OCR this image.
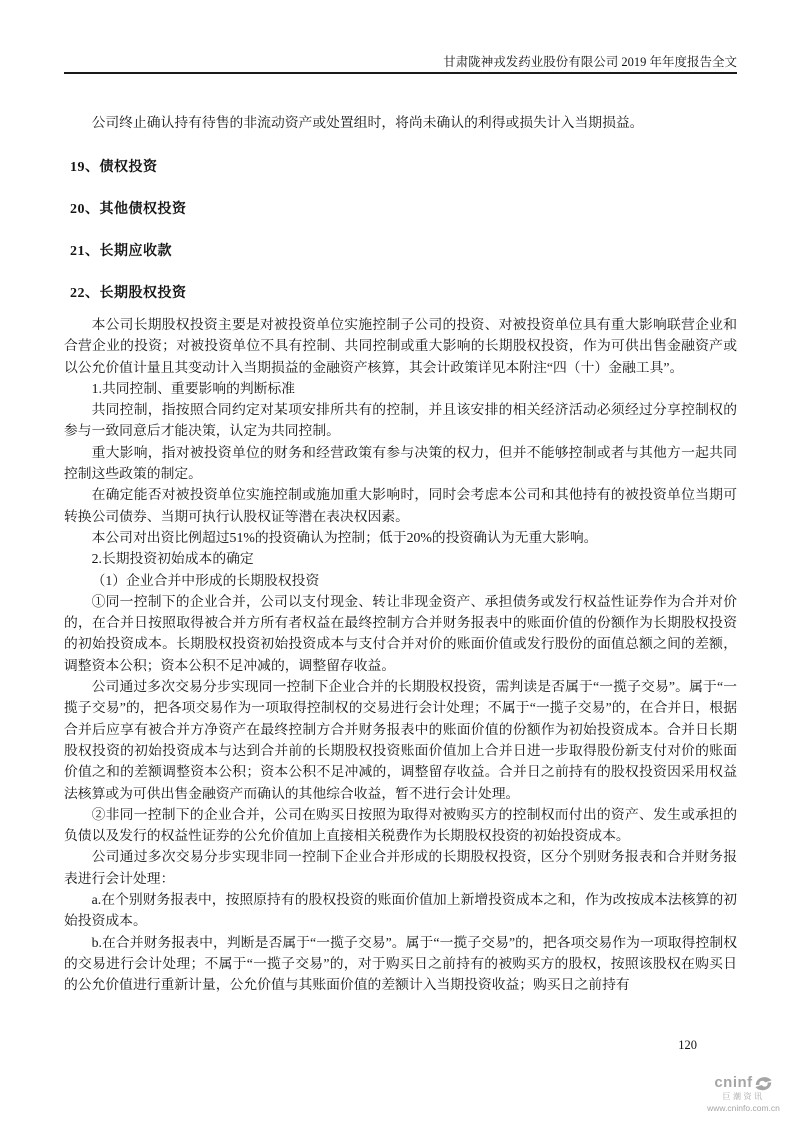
甘肃陇神戎发药业股份有限公司 2019 年年度报告全文

公司终止确认持有待售的非流动资产或处置组时，将尚未确认的利得或损失计入当期损益。

19、债权投资
20、其他债权投资
21、长期应收款
22、长期股权投资

本公司长期股权投资主要是对被投资单位实施控制子公司的投资、对被投资单位具有重大影响联营企业和合营企业的投资；对被投资单位不具有控制、共同控制或重大影响的长期股权投资，作为可供出售金融资产或以公允价值计量且其变动计入当期损益的金融资产核算，其会计政策详见本附注“四（十）金融工具”。

1.共同控制、重要影响的判断标准

共同控制，指按照合同约定对某项安排所共有的控制，并且该安排的相关经济活动必须经过分享控制权的参与一致同意后才能决策，认定为共同控制。

重大影响，指对被投资单位的财务和经营政策有参与决策的权力，但并不能够控制或者与其他方一起共同控制这些政策的制定。

在确定能否对被投资单位实施控制或施加重大影响时，同时会考虑本公司和其他持有的被投资单位当期可转换公司债券、当期可执行认股权证等潜在表决权因素。

本公司对出资比例超过51%的投资确认为控制；低于20%的投资确认为无重大影响。

2.长期投资初始成本的确定

（1）企业合并中形成的长期股权投资

①同一控制下的企业合并，公司以支付现金、转让非现金资产、承担债务或发行权益性证券作为合并对价的，在合并日按照取得被合并方所有者权益在最终控制方合并财务报表中的账面价值的份额作为长期股权投资的初始投资成本。长期股权投资初始投资成本与支付合并对价的账面价值或发行股份的面值总额之间的差额，调整资本公积；资本公积不足冲减的，调整留存收益。

公司通过多次交易分步实现同一控制下企业合并的长期股权投资，需判读是否属于“一揽子交易”。属于“一揽子交易”的，把各项交易作为一项取得控制权的交易进行会计处理；不属于“一揽子交易”的，在合并日，根据合并后应享有被合并方净资产在最终控制方合并财务报表中的账面价值的份额作为初始投资成本。合并日长期股权投资的初始投资成本与达到合并前的长期股权投资账面价值加上合并日进一步取得股份新支付对价的账面价值之和的差额调整资本公积；资本公积不足冲减的，调整留存收益。合并日之前持有的股权投资因采用权益法核算或为可供出售金融资产而确认的其他综合收益，暂不进行会计处理。

②非同一控制下的企业合并，公司在购买日按照为取得对被购买方的控制权而付出的资产、发生或承担的负债以及发行的权益性证券的公允价值加上直接相关税费作为长期股权投资的初始投资成本。

公司通过多次交易分步实现非同一控制下企业合并形成的长期股权投资，区分个别财务报表和合并财务报表进行会计处理：

a.在个别财务报表中，按照原持有的股权投资的账面价值加上新增投资成本之和，作为改按成本法核算的初始投资成本。

b.在合并财务报表中，判断是否属于“一揽子交易”。属于“一揽子交易”的，把各项交易作为一项取得控制权的交易进行会计处理；不属于“一揽子交易”的，对于购买日之前持有的被购买方的股权，按照该股权在购买日的公允价值进行重新计量，公允价值与其账面价值的差额计入当期投资收益；购买日之前持有

120
cninf
巨潮资讯
www.cninfo.com.cn
